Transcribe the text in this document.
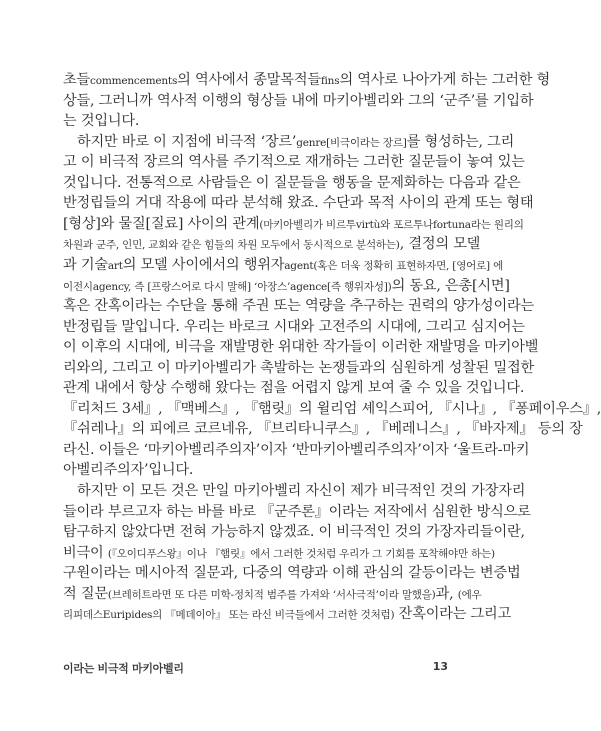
초들commencements의 역사에서 종말목적들fins의 역사로 나아가게 하는 그러한 형
상들, 그러니까 역사적 이행의 형상들 내에 마키아벨리와 그의 ‘군주’를 기입하
는 것입니다.
　하지만 바로 이 지점에 비극적 ‘장르’genre[비극이라는 장르]를 형성하는, 그리
고 이 비극적 장르의 역사를 주기적으로 재개하는 그러한 질문들이 놓여 있는
것입니다. 전통적으로 사람들은 이 질문들을 행동을 문제화하는 다음과 같은
반정립들의 거대 작용에 따라 분석해 왔죠. 수단과 목적 사이의 관계 또는 형태
[형상]와 물질[질료] 사이의 관계(마키아벨리가 비르투virtù와 포르투나fortuna라는 원리의
차원과 군주, 인민, 교회와 같은 힘들의 차원 모두에서 동시적으로 분석하는), 결정의 모델
과 기술art의 모델 사이에서의 행위자agent(혹은 더욱 정확히 표현하자면, [영어로] 에
이전시agency, 즉 [프랑스어로 다시 말해] ‘아장스’agence[즉 행위자성])의 동요, 은총[시면]
혹은 잔혹이라는 수단을 통해 주권 또는 역량을 추구하는 권력의 양가성이라는
반정립들 말입니다. 우리는 바로크 시대와 고전주의 시대에, 그리고 심지어는
이 이후의 시대에, 비극을 재발명한 위대한 작가들이 이러한 재발명을 마키아벨
리와의, 그리고 이 마키아벨리가 촉발하는 논쟁들과의 심원하게 성찰된 밀접한
관계 내에서 항상 수행해 왔다는 점을 어렵지 않게 보여 줄 수 있을 것입니다.
『리처드 3세』, 『맥베스』, 『햄릿』의 윌리엄 셰익스피어, 『시나』, 『퐁페이우스』,
『쉬레나』의 피에르 코르네유, 『브리타니쿠스』, 『베레니스』, 『바자제』 등의 장
라신. 이들은 ‘마키아벨리주의자’이자 ‘반마키아벨리주의자’이자 ‘울트라-마키
아벨리주의자’입니다.
　하지만 이 모든 것은 만일 마키아벨리 자신이 제가 비극적인 것의 가장자리
들이라 부르고자 하는 바를 바로 『군주론』이라는 저작에서 심원한 방식으로
탐구하지 않았다면 전혀 가능하지 않겠죠. 이 비극적인 것의 가장자리들이란,
비극이 (『오이디푸스왕』이나 『햄릿』에서 그러한 것처럼 우리가 그 기회를 포착해야만 하는)
구원이라는 메시아적 질문과, 다중의 역량과 이해 관심의 갈등이라는 변증법
적 질문(브레히트라면 또 다른 미학-정치적 범주를 가져와 ‘서사극적’이라 말했을)과, (에우
리피데스Euripides의 『메데이아』 또는 라신 비극들에서 그러한 것처럼) 잔혹이라는 그리고
이라는 비극적 마키아벨리	13
